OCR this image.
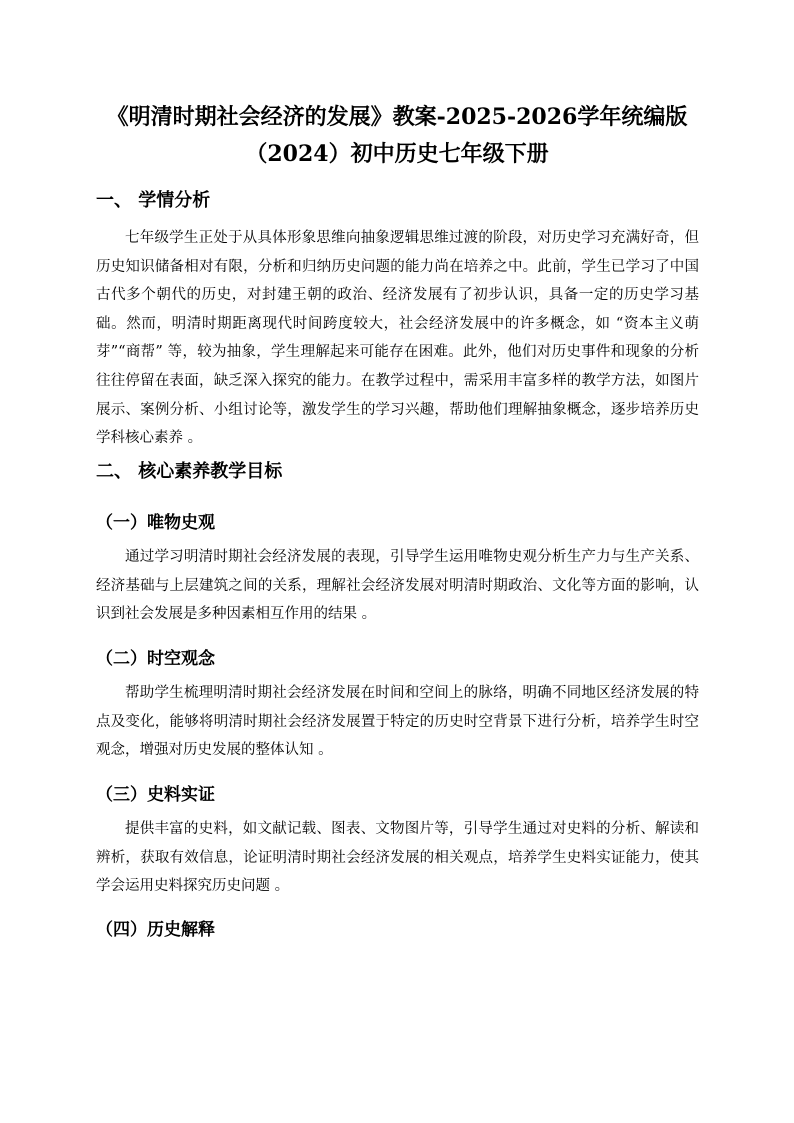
《明清时期社会经济的发展》教案-2025-2026学年统编版
（2024）初中历史七年级下册
一、 学情分析
七年级学生正处于从具体形象思维向抽象逻辑思维过渡的阶段，对历史学习充满好奇，但历史知识储备相对有限，分析和归纳历史问题的能力尚在培养之中。此前，学生已学习了中国古代多个朝代的历史，对封建王朝的政治、经济发展有了初步认识，具备一定的历史学习基础。然而，明清时期距离现代时间跨度较大，社会经济发展中的许多概念，如 “资本主义萌芽”“商帮” 等，较为抽象，学生理解起来可能存在困难。此外，他们对历史事件和现象的分析往往停留在表面，缺乏深入探究的能力。在教学过程中，需采用丰富多样的教学方法，如图片展示、案例分析、小组讨论等，激发学生的学习兴趣，帮助他们理解抽象概念，逐步培养历史学科核心素养 。
二、 核心素养教学目标
（一）唯物史观
通过学习明清时期社会经济发展的表现，引导学生运用唯物史观分析生产力与生产关系、经济基础与上层建筑之间的关系，理解社会经济发展对明清时期政治、文化等方面的影响，认识到社会发展是多种因素相互作用的结果 。
（二）时空观念
帮助学生梳理明清时期社会经济发展在时间和空间上的脉络，明确不同地区经济发展的特点及变化，能够将明清时期社会经济发展置于特定的历史时空背景下进行分析，培养学生时空观念，增强对历史发展的整体认知 。
（三）史料实证
提供丰富的史料，如文献记载、图表、文物图片等，引导学生通过对史料的分析、解读和辨析，获取有效信息，论证明清时期社会经济发展的相关观点，培养学生史料实证能力，使其学会运用史料探究历史问题 。
（四）历史解释
